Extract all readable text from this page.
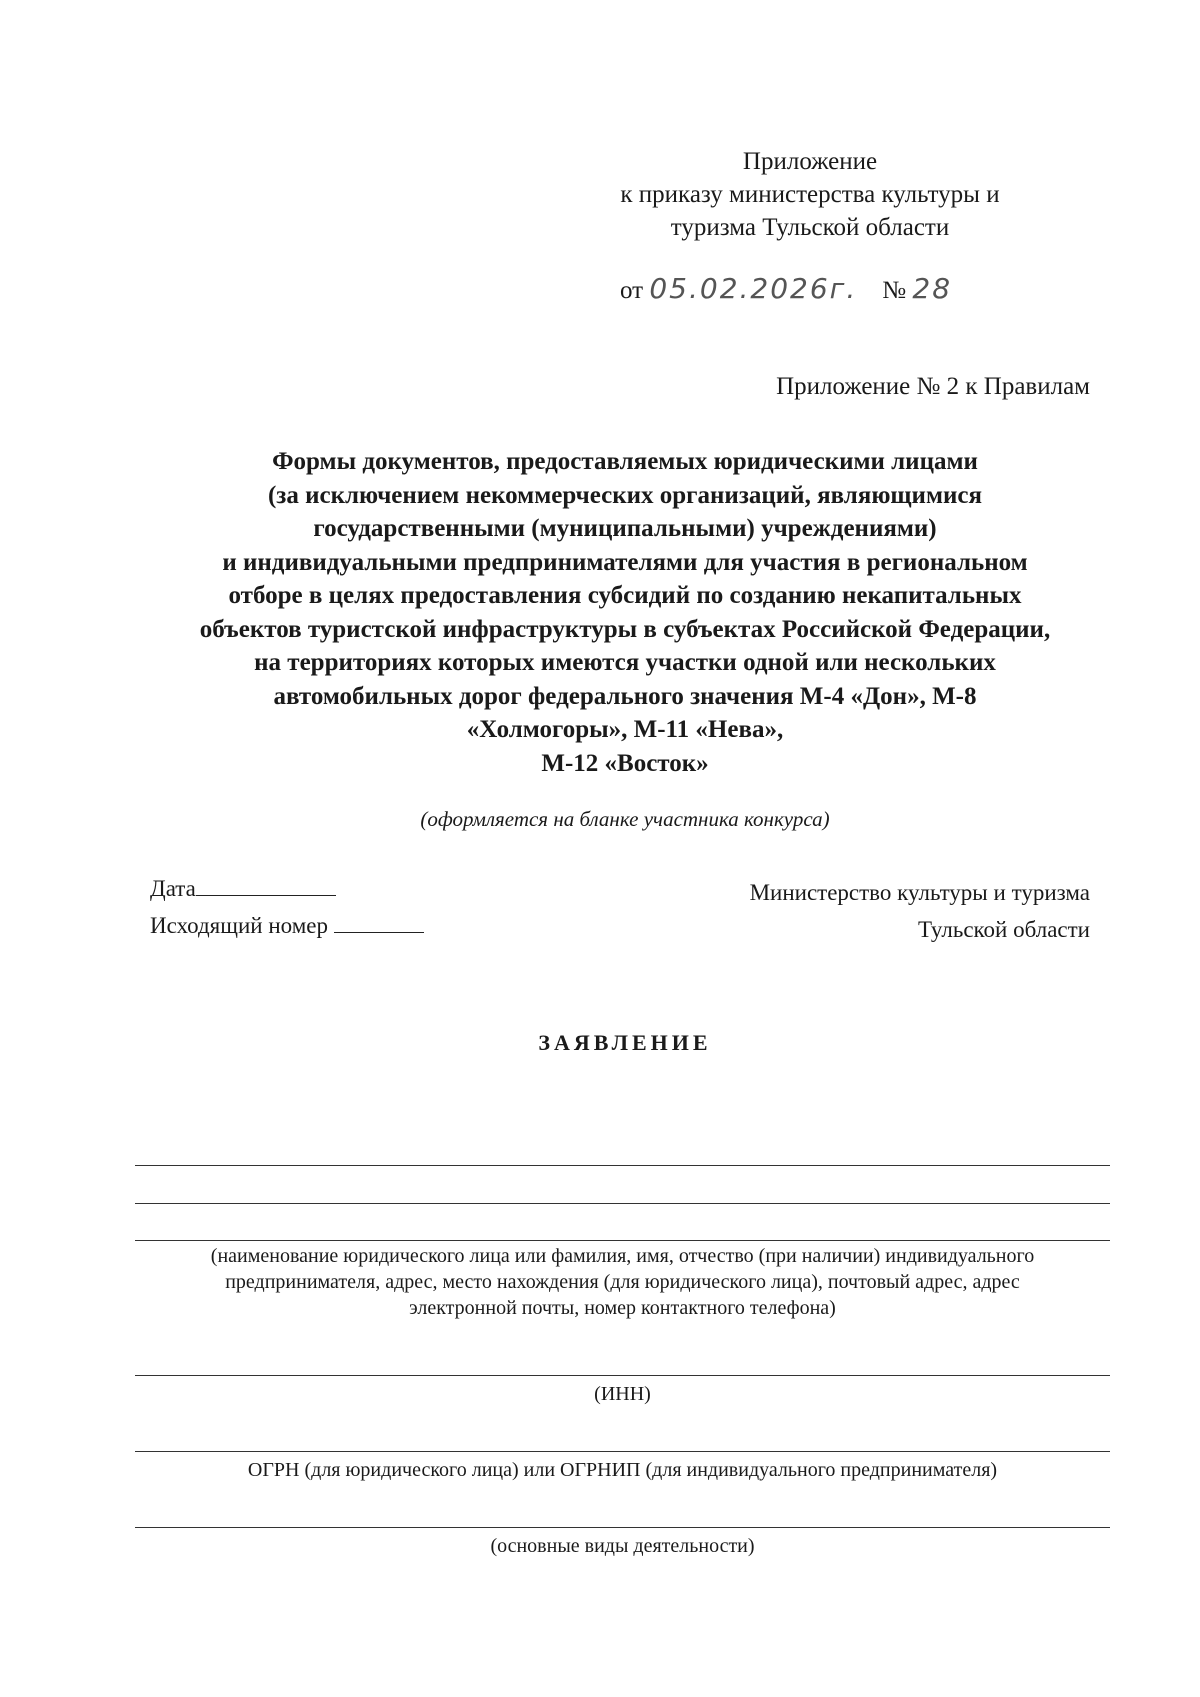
Приложение
к приказу министерства культуры и
туризма Тульской области
от 05.02.2026г. № 28
Приложение № 2 к Правилам
Формы документов, предоставляемых юридическими лицами
(за исключением некоммерческих организаций, являющимися
государственными (муниципальными) учреждениями)
и индивидуальными предпринимателями для участия в региональном
отборе в целях предоставления субсидий по созданию некапитальных
объектов туристской инфраструктуры в субъектах Российской Федерации,
на территориях которых имеются участки одной или нескольких
автомобильных дорог федерального значения М-4 «Дон», М-8
«Холмогоры», М-11 «Нева»,
М-12 «Восток»
(оформляется на бланке участника конкурса)
Дата
Исходящий номер
Министерство культуры и туризма
Тульской области
ЗАЯВЛЕНИЕ
(наименование юридического лица или фамилия, имя, отчество (при наличии) индивидуального
предпринимателя, адрес, место нахождения (для юридического лица), почтовый адрес, адрес
электронной почты, номер контактного телефона)
(ИНН)
ОГРН (для юридического лица) или ОГРНИП (для индивидуального предпринимателя)
(основные виды деятельности)
